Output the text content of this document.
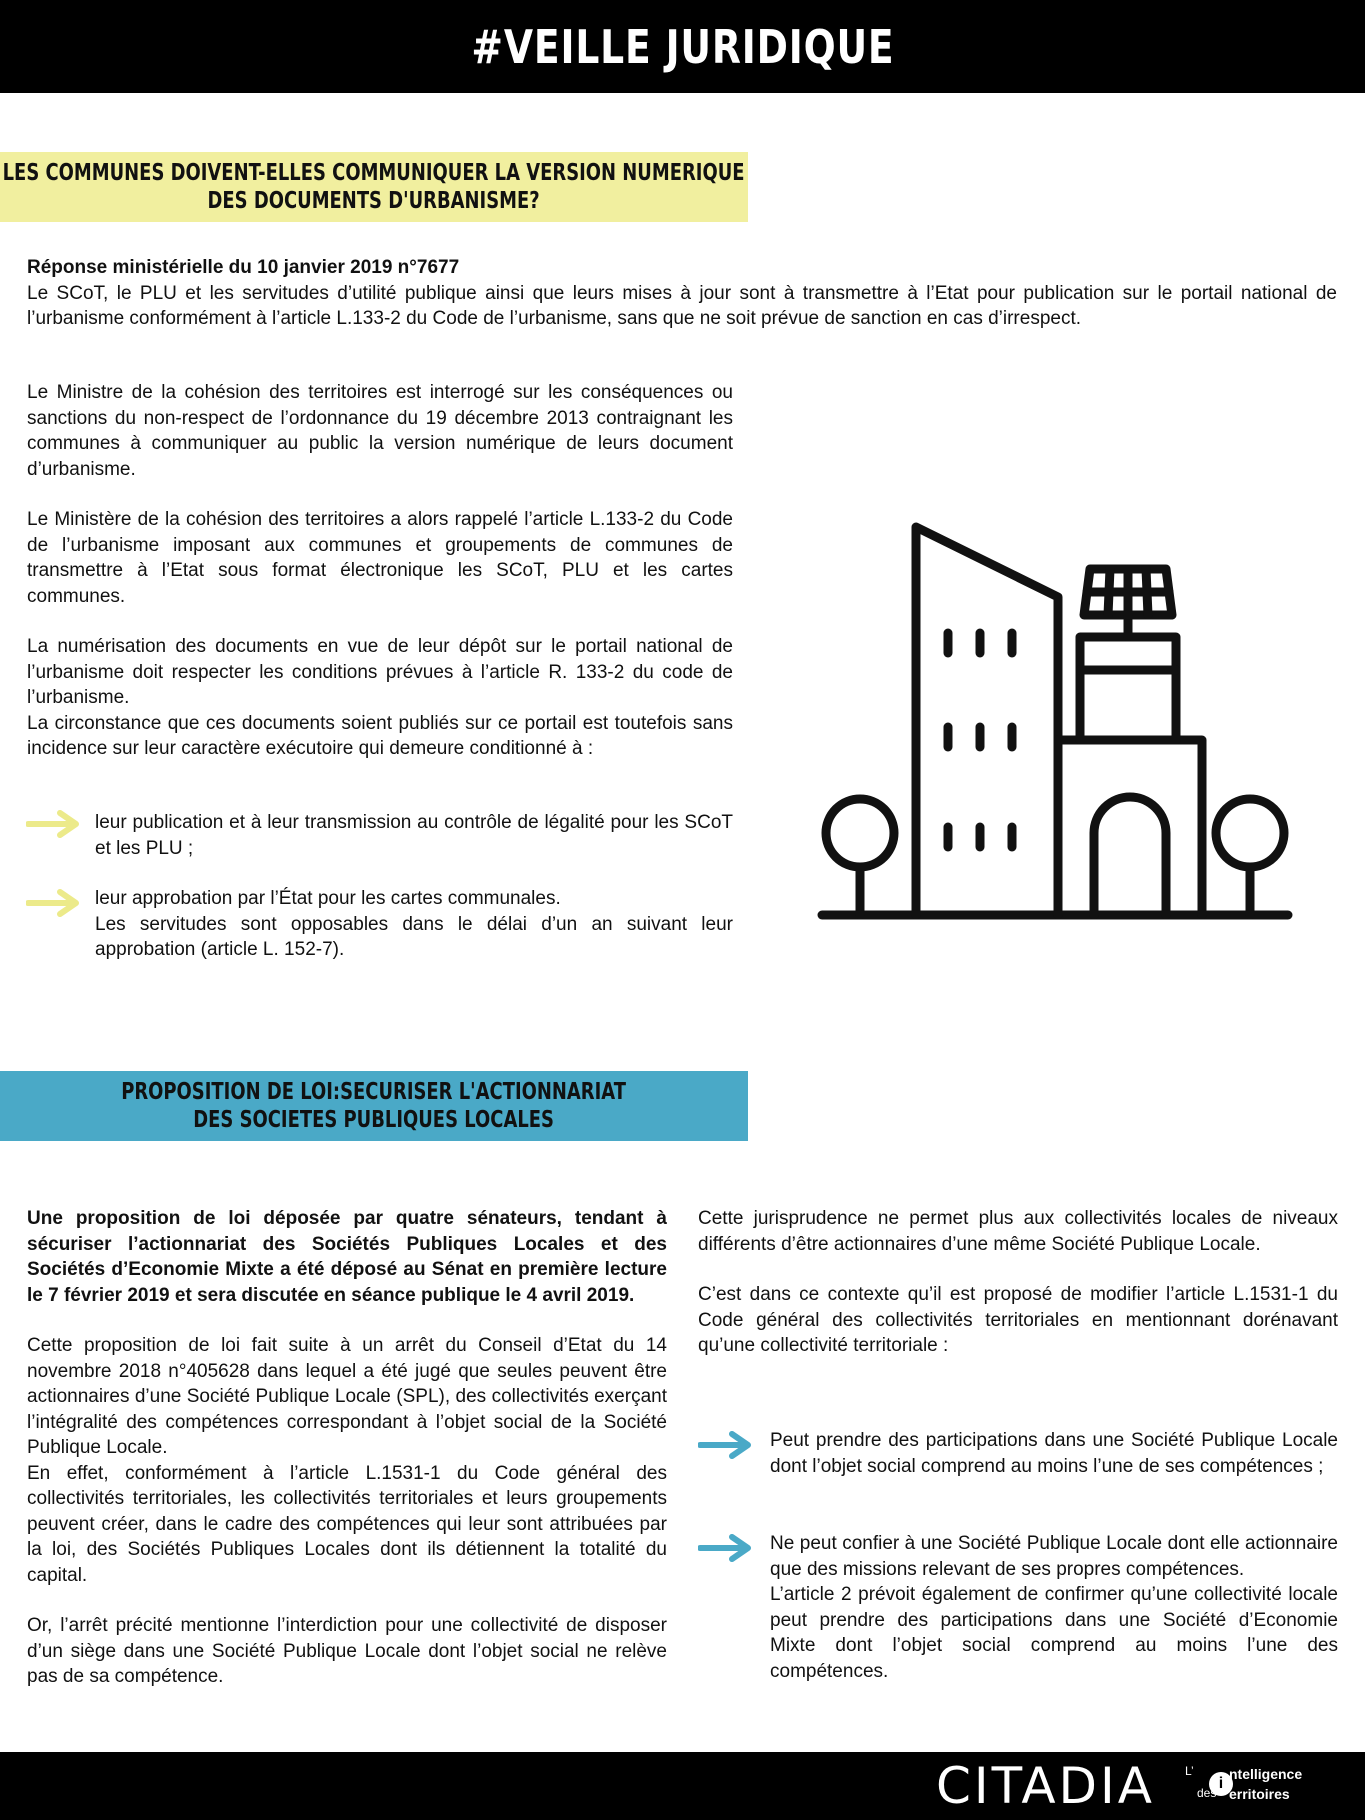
#VEILLE JURIDIQUE
LES COMMUNES DOIVENT-ELLES COMMUNIQUER LA VERSION NUMERIQUE
DES DOCUMENTS D'URBANISME?

Réponse ministérielle du 10 janvier 2019 n°7677

Le SCoT, le PLU et les servitudes d’utilité publique ainsi que leurs mises à jour sont à transmettre à l’Etat pour publication sur le portail national de l’urbanisme conformément à l’article L.133-2 du Code de l’urbanisme, sans que ne soit prévue de sanction en cas d’irrespect.

Le Ministre de la cohésion des territoires est interrogé sur les conséquences ou sanctions du non-respect de l’ordonnance du 19 décembre 2013 contraignant les communes à communiquer au public la version numérique de leurs document d’urbanisme.

Le Ministère de la cohésion des territoires a alors rappelé l’article L.133-2 du Code de l’urbanisme imposant aux communes et groupements de communes de transmettre à l’Etat sous format électronique les SCoT, PLU et les cartes communes.

La numérisation des documents en vue de leur dépôt sur le portail national de l’urbanisme doit respecter les conditions prévues à l’article R. 133-2 du code de l’urbanisme.

La circonstance que ces documents soient publiés sur ce portail est toutefois sans incidence sur leur caractère exécutoire qui demeure conditionné à :

leur publication et à leur transmission au contrôle de légalité pour les SCoT et les PLU ;

leur approbation par l’État pour les cartes communales.

Les servitudes sont opposables dans le délai d’un an suivant leur approbation (article L. 152-7).

PROPOSITION DE LOI:SECURISER L'ACTIONNARIAT
DES SOCIETES PUBLIQUES LOCALES

Une proposition de loi déposée par quatre sénateurs, tendant à sécuriser l’actionnariat des Sociétés Publiques Locales et des Sociétés d’Economie Mixte a été déposé au Sénat en première lecture le 7 février 2019 et sera discutée en séance publique le 4 avril 2019.

Cette proposition de loi fait suite à un arrêt du Conseil d’Etat du 14 novembre 2018 n°405628 dans lequel a été jugé que seules peuvent être actionnaires d’une Société Publique Locale (SPL), des collectivités exerçant l’intégralité des compétences correspondant à l’objet social de la Société Publique Locale.

En effet, conformément à l’article L.1531-1 du Code général des collectivités territoriales, les collectivités territoriales et leurs groupements peuvent créer, dans le cadre des compétences qui leur sont attribuées par la loi, des Sociétés Publiques Locales dont ils détiennent la totalité du capital.

Or, l’arrêt précité mentionne l’interdiction pour une collectivité de disposer d’un siège dans une Société Publique Locale dont l’objet social ne relève pas de sa compétence.

Cette jurisprudence ne permet plus aux collectivités locales de niveaux différents d’être actionnaires d’une même Société Publique Locale.

C’est dans ce contexte qu’il est proposé de modifier l’article L.1531-1 du Code général des collectivités territoriales en mentionnant dorénavant qu’une collectivité territoriale :

Peut prendre des participations dans une Société Publique Locale dont l’objet social comprend au moins l’une de ses compétences ;

Ne peut confier à une Société Publique Locale dont elle actionnaire que des missions relevant de ses propres compétences.

L’article 2 prévoit également de confirmer qu’une collectivité locale peut prendre des participations dans une Société d’Economie Mixte dont l’objet social comprend au moins l’une des compétences.

CITADIA	L’
i
ntelligence
des erritoires
